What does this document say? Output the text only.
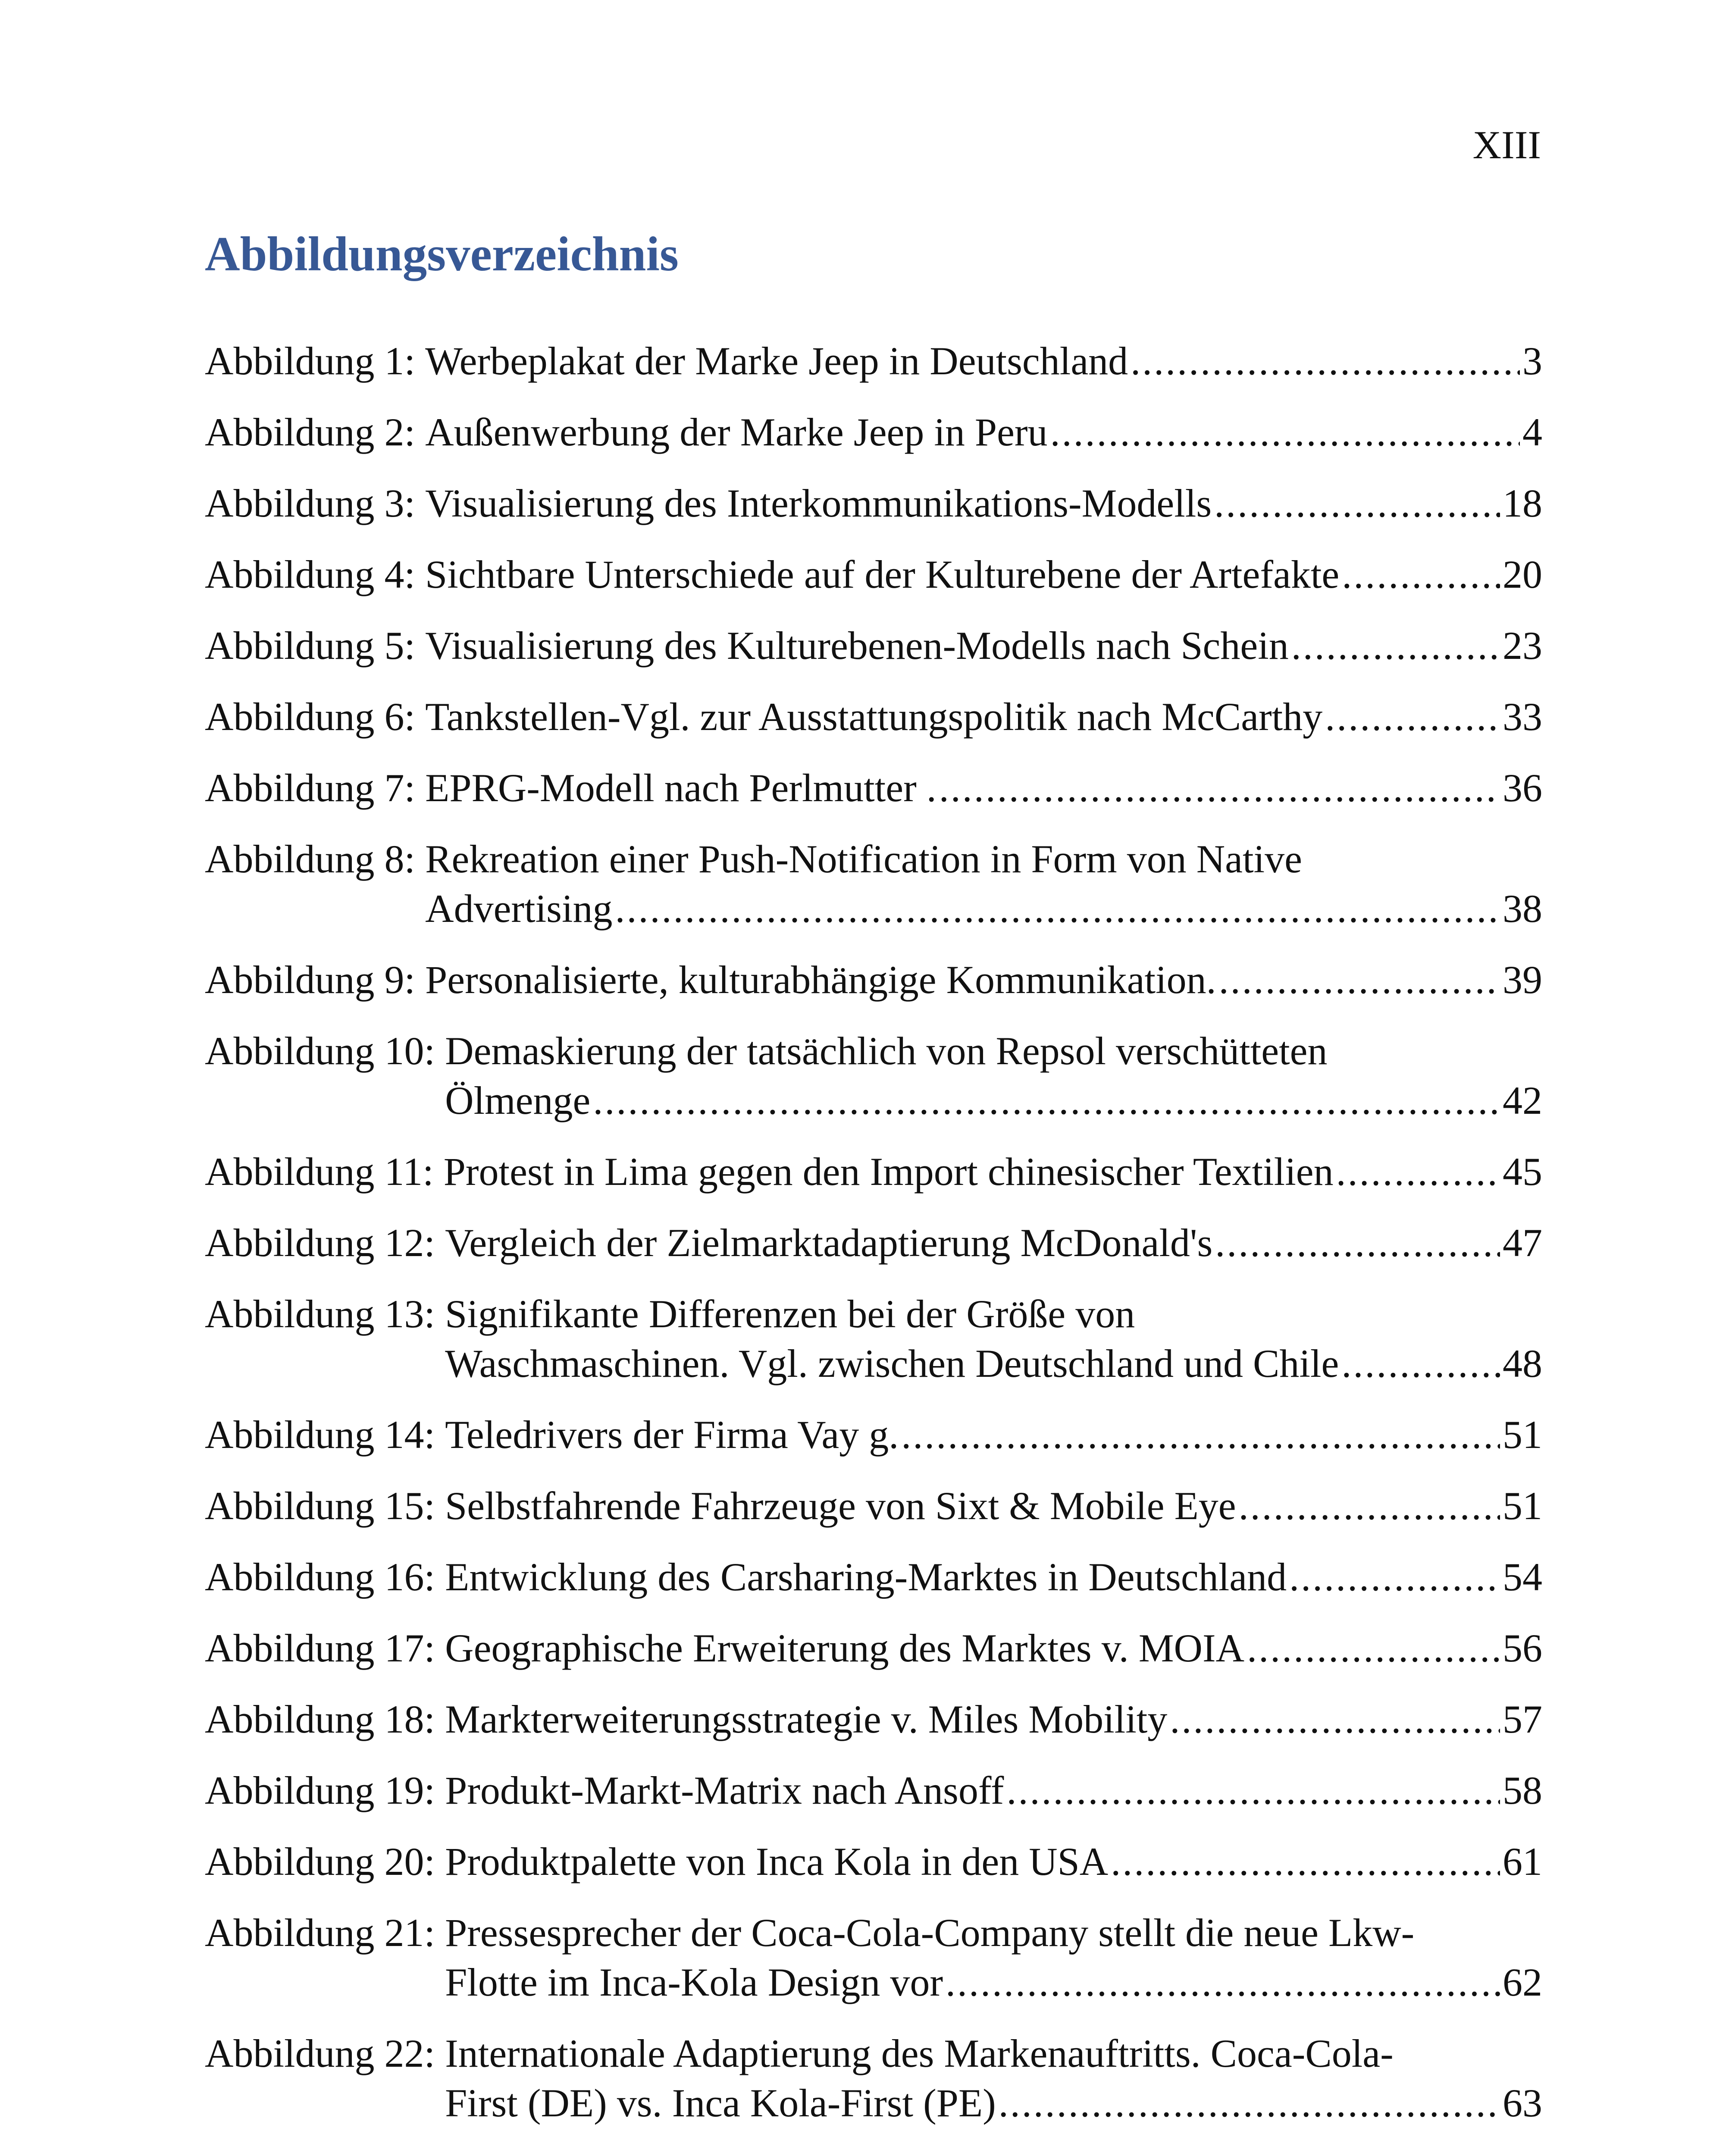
XIII
Abbildungsverzeichnis
Abbildung 1: Werbeplakat der Marke Jeep in Deutschland .....	3
Abbildung 2: Außenwerbung der Marke Jeep in Peru .....	4
Abbildung 3: Visualisierung des Interkommunikations-Modells .....	18
Abbildung 4: Sichtbare Unterschiede auf der Kulturebene der Artefakte .....	20
Abbildung 5: Visualisierung des Kulturebenen-Modells nach Schein .....	23
Abbildung 6: Tankstellen-Vgl. zur Ausstattungspolitik nach McCarthy .....	33
Abbildung 7: EPRG-Modell nach Perlmutter . .....	36
Abbildung 8: Rekreation einer Push-Notification in Form von Native
Advertising .....	38
Abbildung 9: Personalisierte, kulturabhängige Kommunikation. .....	39
Abbildung 10: Demaskierung der tatsächlich von Repsol verschütteten
Ölmenge .....	42
Abbildung 11: Protest in Lima gegen den Import chinesischer Textilien .....	45
Abbildung 12: Vergleich der Zielmarktadaptierung McDonald's .....	47
Abbildung 13: Signifikante Differenzen bei der Größe von
Waschmaschinen. Vgl. zwischen Deutschland und Chile .....	48
Abbildung 14: Teledrivers der Firma Vay g. .....	51
Abbildung 15: Selbstfahrende Fahrzeuge von Sixt & Mobile Eye .....	51
Abbildung 16: Entwicklung des Carsharing-Marktes in Deutschland .....	54
Abbildung 17: Geographische Erweiterung des Marktes v. MOIA .....	56
Abbildung 18: Markterweiterungsstrategie v. Miles Mobility .....	57
Abbildung 19: Produkt-Markt-Matrix nach Ansoff .....	58
Abbildung 20: Produktpalette von Inca Kola in den USA .....	61
Abbildung 21: Pressesprecher der Coca-Cola-Company stellt die neue Lkw-
Flotte im Inca-Kola Design vor .....	62
Abbildung 22: Internationale Adaptierung des Markenauftritts. Coca-Cola-
First (DE) vs. Inca Kola-First (PE) .....	63
